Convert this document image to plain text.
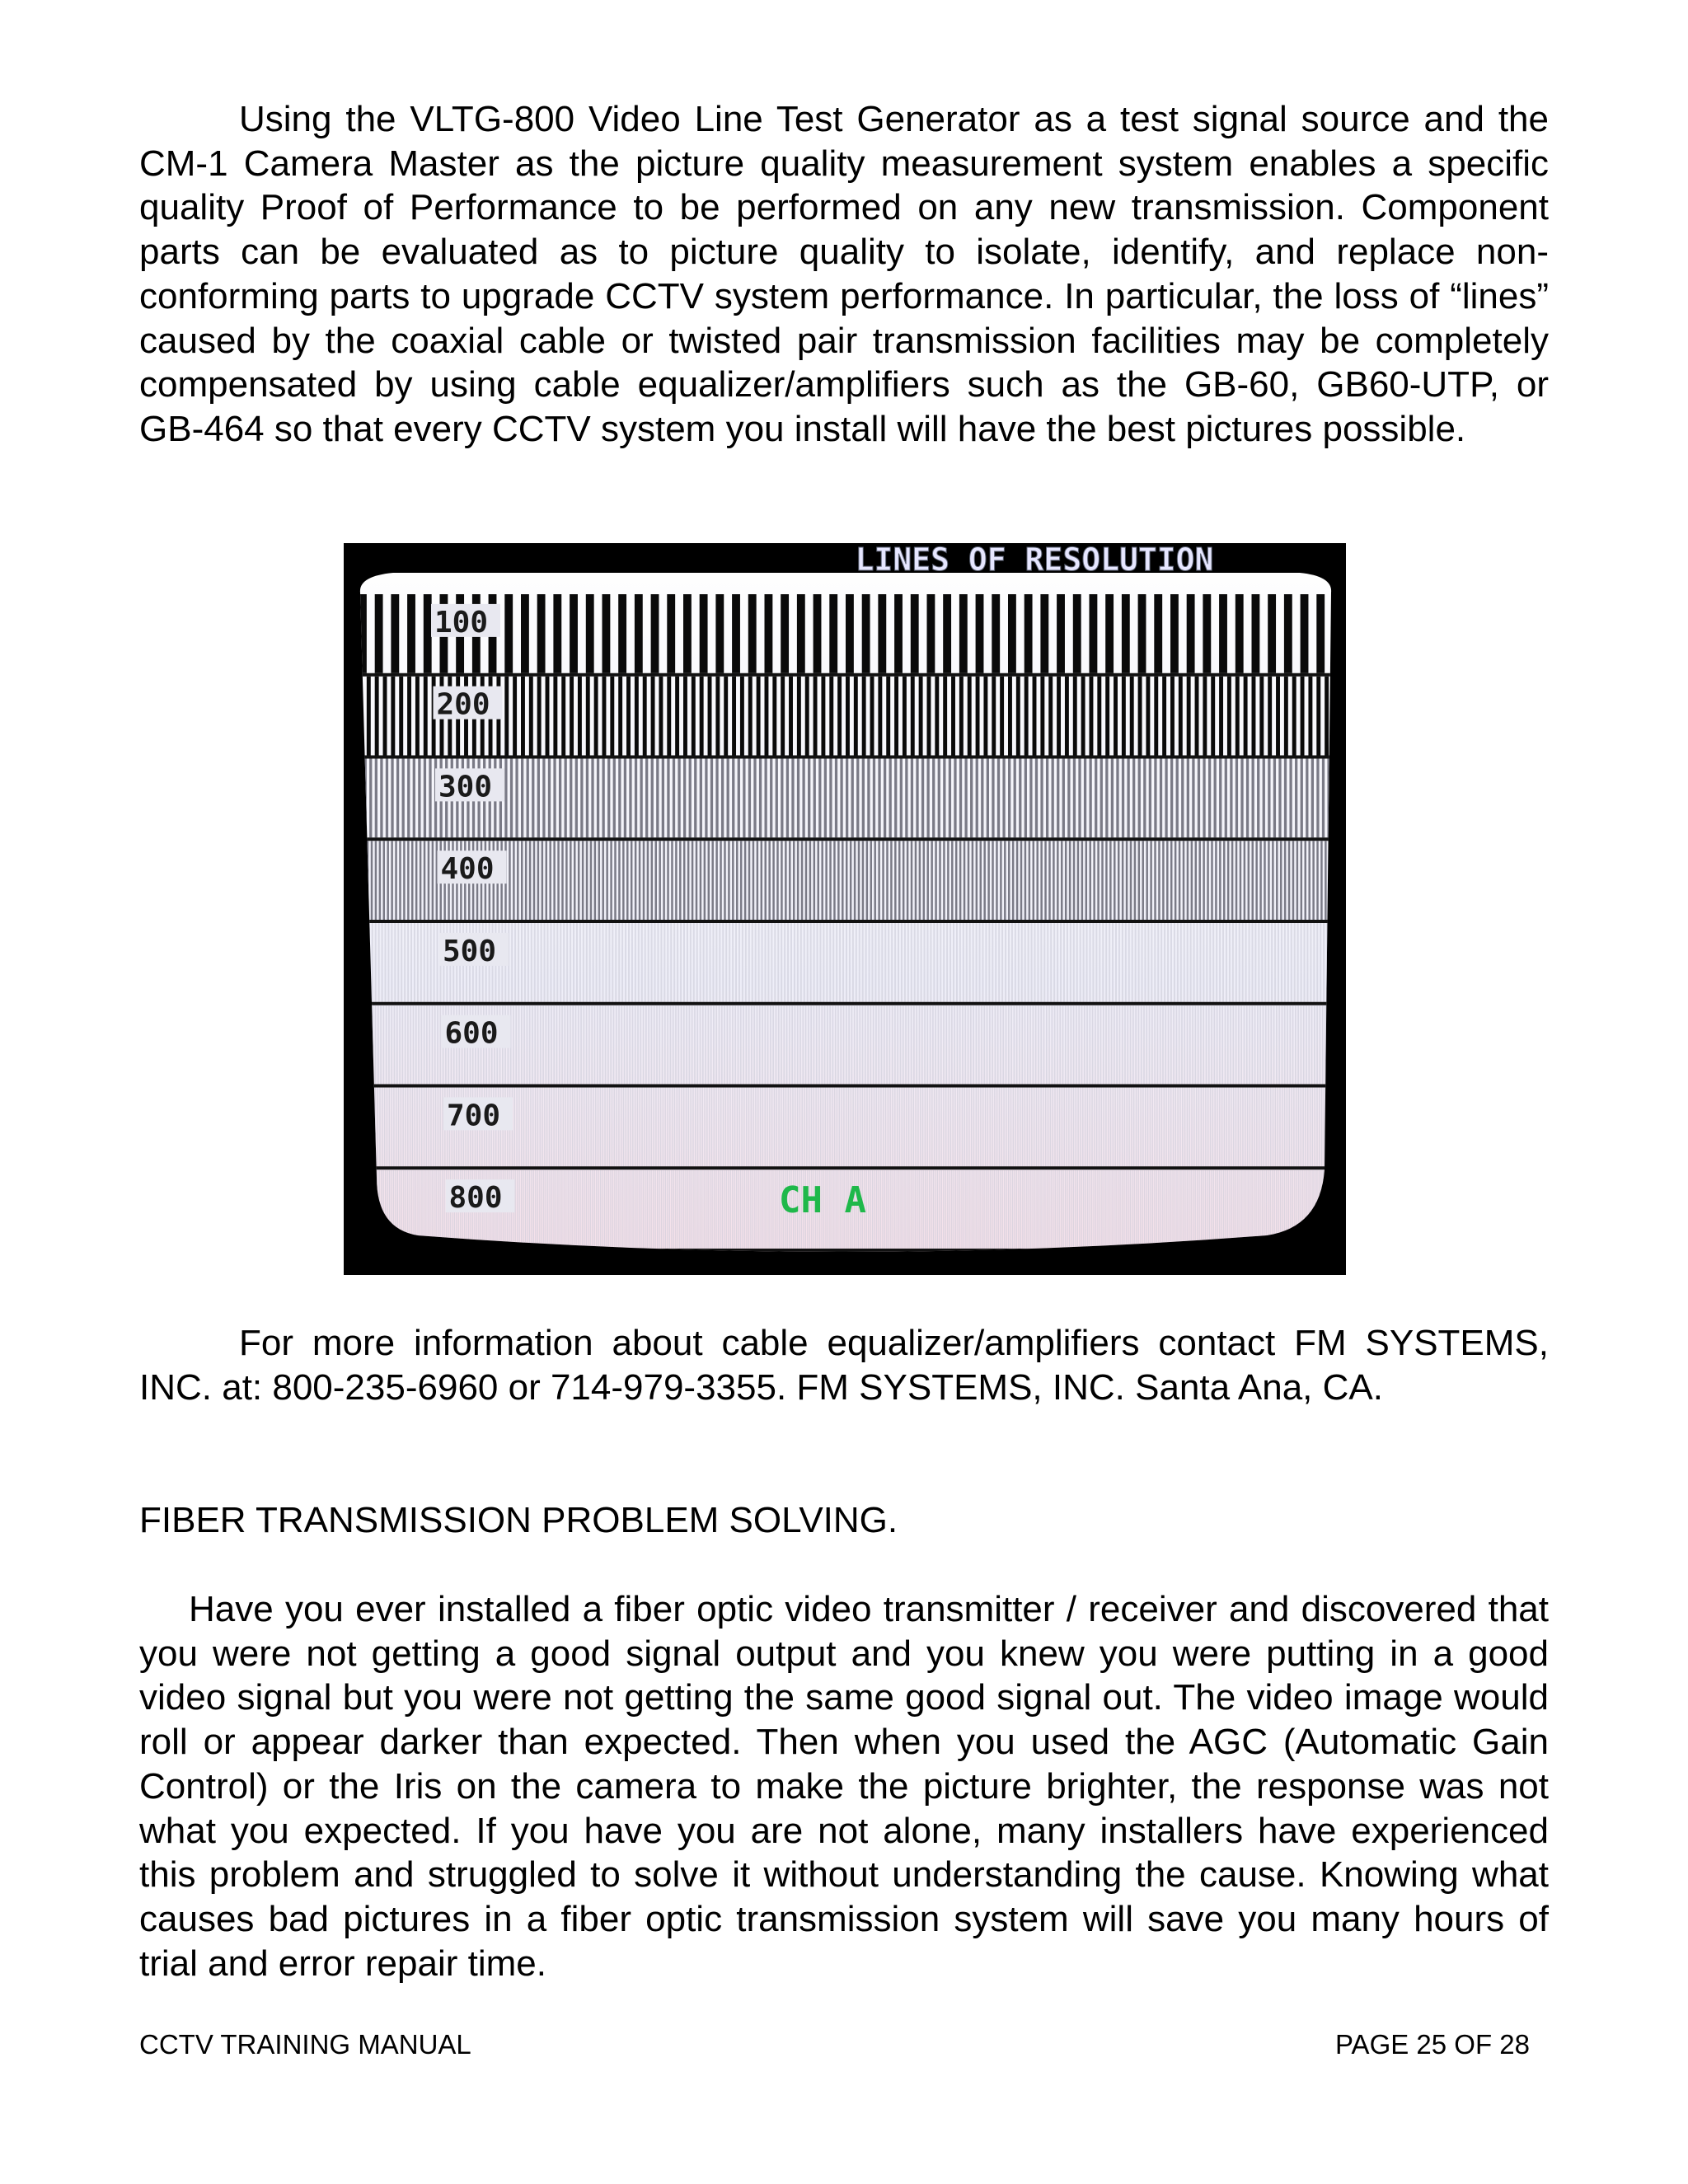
Using the VLTG-800 Video Line Test Generator as a test signal source and the CM-1 Camera Master as the picture quality measurement system enables a specific quality Proof of Performance to be performed on any new transmission. Component parts can be evaluated as to picture quality to isolate, identify, and replace non-conforming parts to upgrade CCTV system performance. In particular, the loss of “lines” caused by the coaxial cable or twisted pair transmission facilities may be completely compensated by using cable equalizer/amplifiers such as the GB-60, GB60-UTP, or GB-464 so that every CCTV system you install will have the best pictures possible.

LINES OF RESOLUTION
100
200
300
400
500
600
700
800	CH A

For more information about cable equalizer/amplifiers contact FM SYSTEMS, INC. at: 800-235-6960 or 714-979-3355. FM SYSTEMS, INC. Santa Ana, CA.

FIBER TRANSMISSION PROBLEM SOLVING.

Have you ever installed a fiber optic video transmitter / receiver and discovered that you were not getting a good signal output and you knew you were putting in a good video signal but you were not getting the same good signal out. The video image would roll or appear darker than expected. Then when you used the AGC (Automatic Gain Control) or the Iris on the camera to make the picture brighter, the response was not what you expected. If you have you are not alone, many installers have experienced this problem and struggled to solve it without understanding the cause. Knowing what causes bad pictures in a fiber optic transmission system will save you many hours of trial and error repair time.

CCTV TRAINING MANUAL	PAGE 25 OF 28
